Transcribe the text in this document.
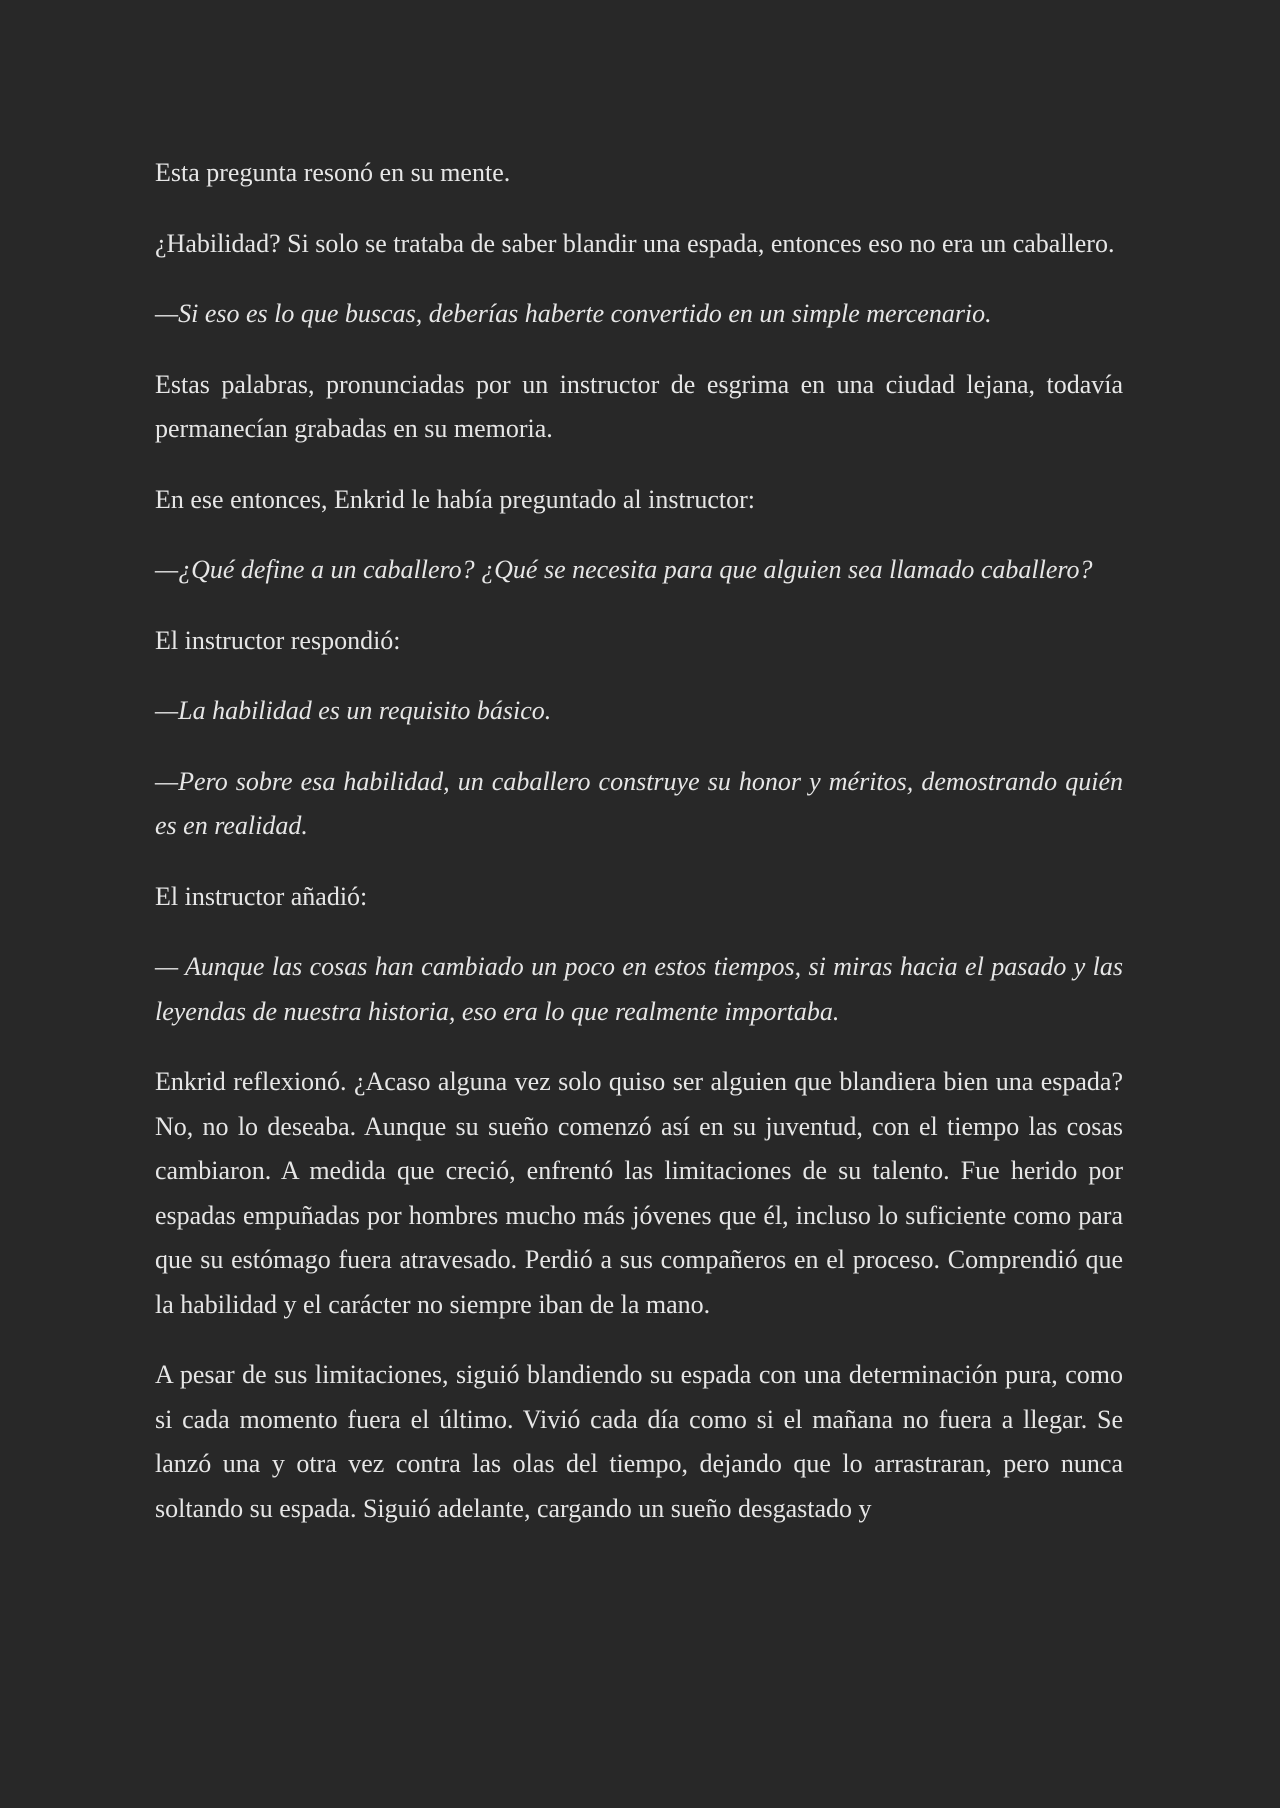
Esta pregunta resonó en su mente.

¿Habilidad? Si solo se trataba de saber blandir una espada, entonces eso no era un caballero.

—Si eso es lo que buscas, deberías haberte convertido en un simple mercenario.

Estas palabras, pronunciadas por un instructor de esgrima en una ciudad lejana, todavía permanecían grabadas en su memoria.

En ese entonces, Enkrid le había preguntado al instructor:

—¿Qué define a un caballero? ¿Qué se necesita para que alguien sea llamado caballero?

El instructor respondió:

—La habilidad es un requisito básico.

—Pero sobre esa habilidad, un caballero construye su honor y méritos, demostrando quién es en realidad.

El instructor añadió:

— Aunque las cosas han cambiado un poco en estos tiempos, si miras hacia el pasado y las leyendas de nuestra historia, eso era lo que realmente importaba.

Enkrid reflexionó. ¿Acaso alguna vez solo quiso ser alguien que blandiera bien una espada? No, no lo deseaba. Aunque su sueño comenzó así en su juventud, con el tiempo las cosas cambiaron. A medida que creció, enfrentó las limitaciones de su talento. Fue herido por espadas empuñadas por hombres mucho más jóvenes que él, incluso lo suficiente como para que su estómago fuera atravesado. Perdió a sus compañeros en el proceso. Comprendió que la habilidad y el carácter no siempre iban de la mano.

A pesar de sus limitaciones, siguió blandiendo su espada con una determinación pura, como si cada momento fuera el último. Vivió cada día como si el mañana no fuera a llegar. Se lanzó una y otra vez contra las olas del tiempo, dejando que lo arrastraran, pero nunca soltando su espada. Siguió adelante, cargando un sueño desgastado y
